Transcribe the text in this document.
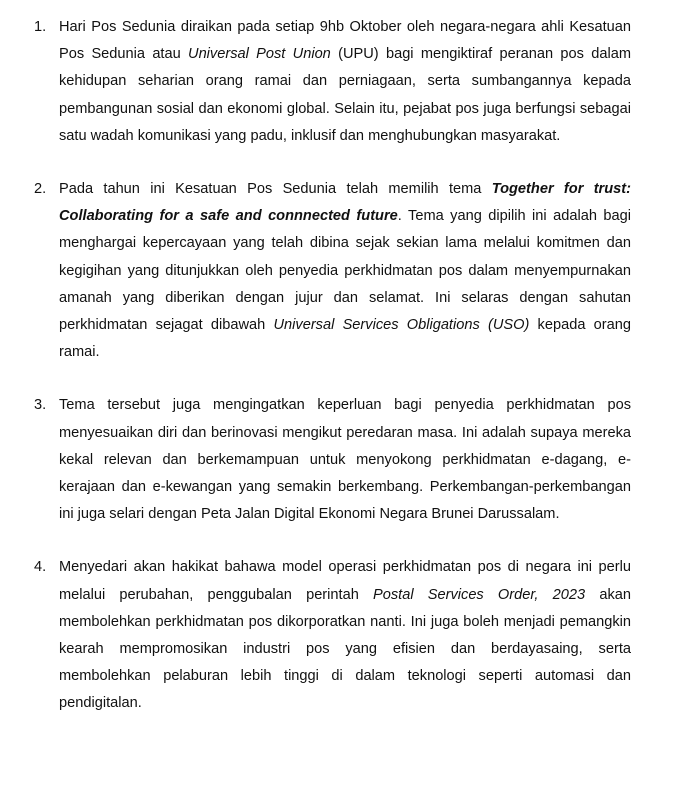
1. Hari Pos Sedunia diraikan pada setiap 9hb Oktober oleh negara-negara ahli Kesatuan Pos Sedunia atau Universal Post Union (UPU) bagi mengiktiraf peranan pos dalam kehidupan seharian orang ramai dan perniagaan, serta sumbangannya kepada pembangunan sosial dan ekonomi global. Selain itu, pejabat pos juga berfungsi sebagai satu wadah komunikasi yang padu, inklusif dan menghubungkan masyarakat.
2. Pada tahun ini Kesatuan Pos Sedunia telah memilih tema Together for trust: Collaborating for a safe and connnected future. Tema yang dipilih ini adalah bagi menghargai kepercayaan yang telah dibina sejak sekian lama melalui komitmen dan kegigihan yang ditunjukkan oleh penyedia perkhidmatan pos dalam menyempurnakan amanah yang diberikan dengan jujur dan selamat. Ini selaras dengan sahutan perkhidmatan sejagat dibawah Universal Services Obligations (USO) kepada orang ramai.
3. Tema tersebut juga mengingatkan keperluan bagi penyedia perkhidmatan pos menyesuaikan diri dan berinovasi mengikut peredaran masa. Ini adalah supaya mereka kekal relevan dan berkemampuan untuk menyokong perkhidmatan e-dagang, e-kerajaan dan e-kewangan yang semakin berkembang. Perkembangan-perkembangan ini juga selari dengan Peta Jalan Digital Ekonomi Negara Brunei Darussalam.
4. Menyedari akan hakikat bahawa model operasi perkhidmatan pos di negara ini perlu melalui perubahan, penggubalan perintah Postal Services Order, 2023 akan membolehkan perkhidmatan pos dikorporatkan nanti. Ini juga boleh menjadi pemangkin kearah mempromosikan industri pos yang efisien dan berdayasaing, serta membolehkan pelaburan lebih tinggi di dalam teknologi seperti automasi dan pendigitalan.
